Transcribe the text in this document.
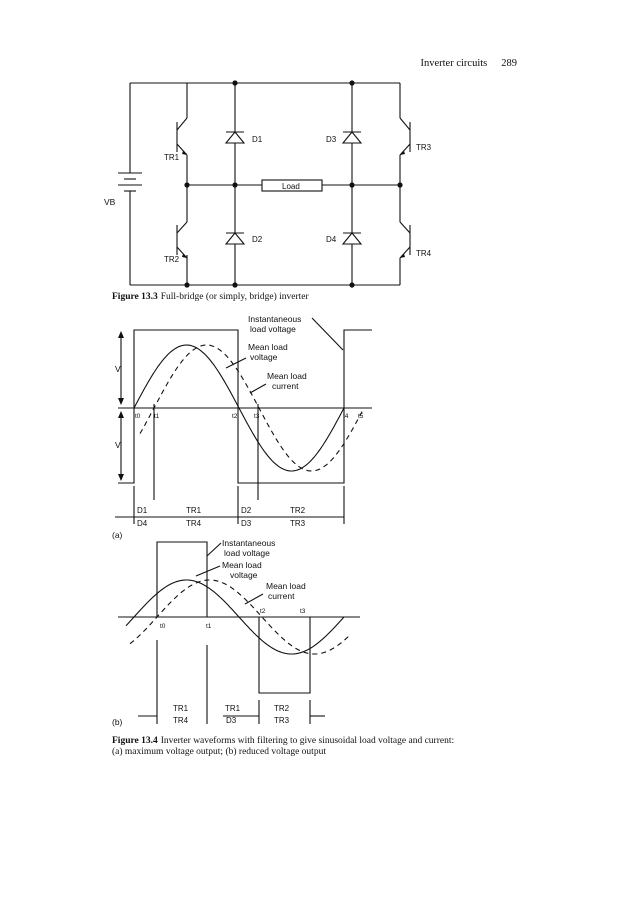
Inverter circuits 289
VB
TR1
TR2
D1
D2
Load
D3
D4
TR3
TR4
V
V
t0 t1	t2	t3	t4 t5
Instantaneous
load voltage
Mean load
voltage
Mean load
current
D1
D4
TR1
TR4
D2
D3
TR2
TR3
(a)
t0	t1
t2	t3
Instantaneous
load voltage
Mean load
voltage
Mean load
current
TR1
TR4
TR1
D3
TR2
TR3
(b)
Figure 13.3 Full-bridge (or simply, bridge) inverter
Figure 13.4 Inverter waveforms with filtering to give sinusoidal load voltage and current:
(a) maximum voltage output; (b) reduced voltage output
